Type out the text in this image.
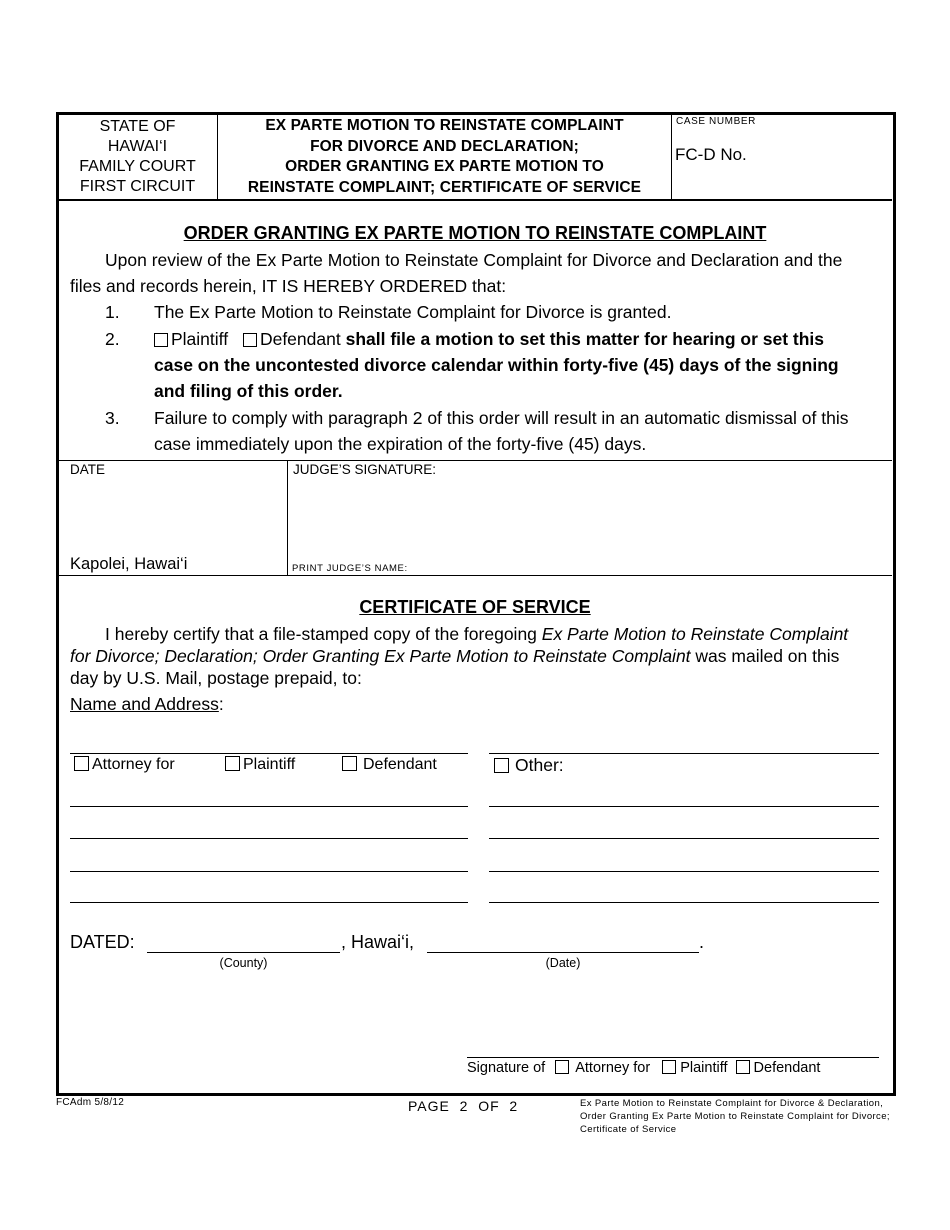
STATE OF
HAWAI‘I
FAMILY COURT
FIRST CIRCUIT
EX PARTE MOTION TO REINSTATE COMPLAINT
FOR DIVORCE AND DECLARATION;
ORDER GRANTING EX PARTE MOTION TO
REINSTATE COMPLAINT; CERTIFICATE OF SERVICE
CASE NUMBER
FC-D No.
ORDER GRANTING EX PARTE MOTION TO REINSTATE COMPLAINT
Upon review of the Ex Parte Motion to Reinstate Complaint for Divorce and Declaration and the
files and records herein, IT IS HEREBY ORDERED that:
1. The Ex Parte Motion to Reinstate Complaint for Divorce is granted.
2.	Plaintiff Defendant shall file a motion to set this matter for hearing or set this
case on the uncontested divorce calendar within forty-five (45) days of the signing
and filing of this order.
3. Failure to comply with paragraph 2 of this order will result in an automatic dismissal of this
case immediately upon the expiration of the forty-five (45) days.
DATE
Kapolei, Hawai‘i
JUDGE’S SIGNATURE:
PRINT JUDGE’S NAME:
CERTIFICATE OF SERVICE
I hereby certify that a file-stamped copy of the foregoing Ex Parte Motion to Reinstate Complaint
for Divorce; Declaration; Order Granting Ex Parte Motion to Reinstate Complaint was mailed on this
day by U.S. Mail, postage prepaid, to:
Name and Address:
Attorney for	Plaintiff	Defendant	Other:
DATED:	, Hawai‘i,	.
(County)	(Date)
Signature of Attorney for Plaintiff Defendant
FCAdm 5/8/12	PAGE  2  OF  2	Ex Parte Motion to Reinstate Complaint for Divorce & Declaration,
Order Granting Ex Parte Motion to Reinstate Complaint for Divorce;
Certificate of Service
